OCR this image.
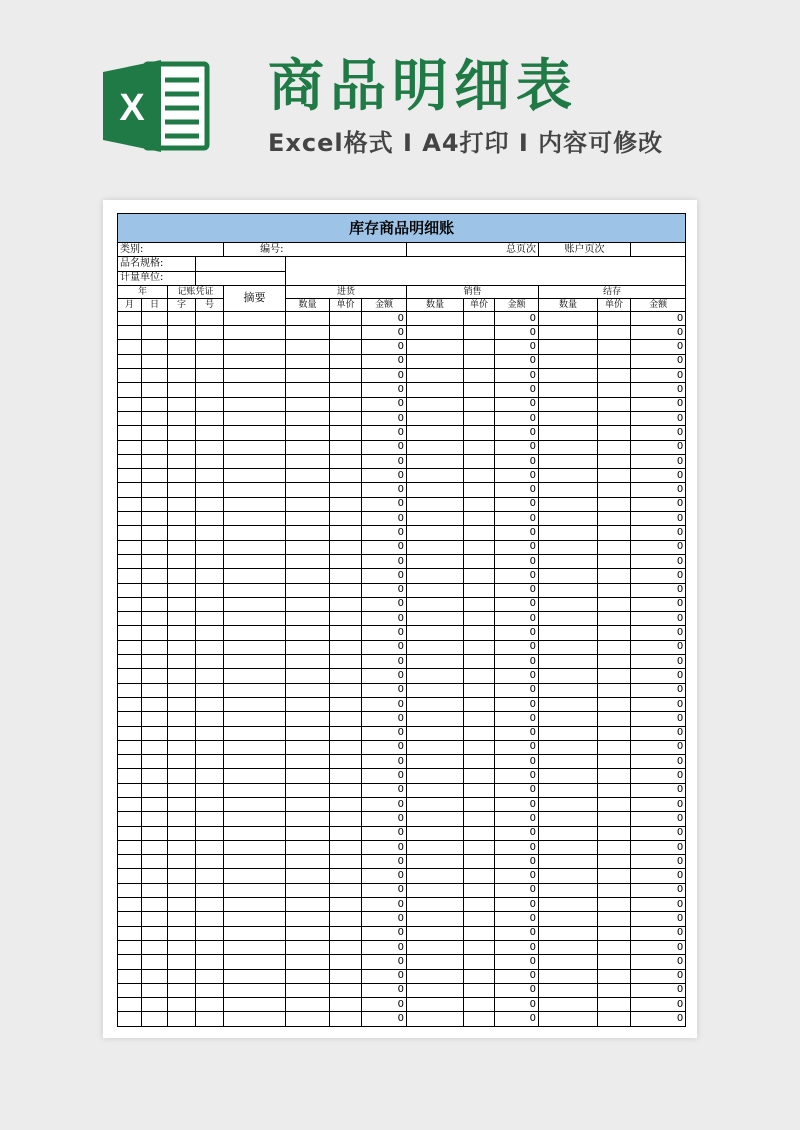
X 商品明细表
Excel格式 I A4打印 I 内容可修改
库存商品明细账													
类别:				编号:						总页次	账户页次		
品名规格:													
计量单位:													
年		记账凭证		摘要	进货			销售			结存		
月	日	字	号		数量	单价	金额	数量	单价	金额	数量	单价	金额
							0			0			0
							0			0			0
							0			0			0
							0			0			0
							0			0			0
							0			0			0
							0			0			0
							0			0			0
							0			0			0
							0			0			0
							0			0			0
							0			0			0
							0			0			0
							0			0			0
							0			0			0
							0			0			0
							0			0			0
							0			0			0
							0			0			0
							0			0			0
							0			0			0
							0			0			0
							0			0			0
							0			0			0
							0			0			0
							0			0			0
							0			0			0
							0			0			0
							0			0			0
							0			0			0
							0			0			0
							0			0			0
							0			0			0
							0			0			0
							0			0			0
							0			0			0
							0			0			0
							0			0			0
							0			0			0
							0			0			0
							0			0			0
							0			0			0
							0			0			0
							0			0			0
							0			0			0
							0			0			0
							0			0			0
							0			0			0
							0			0			0
							0			0			0
